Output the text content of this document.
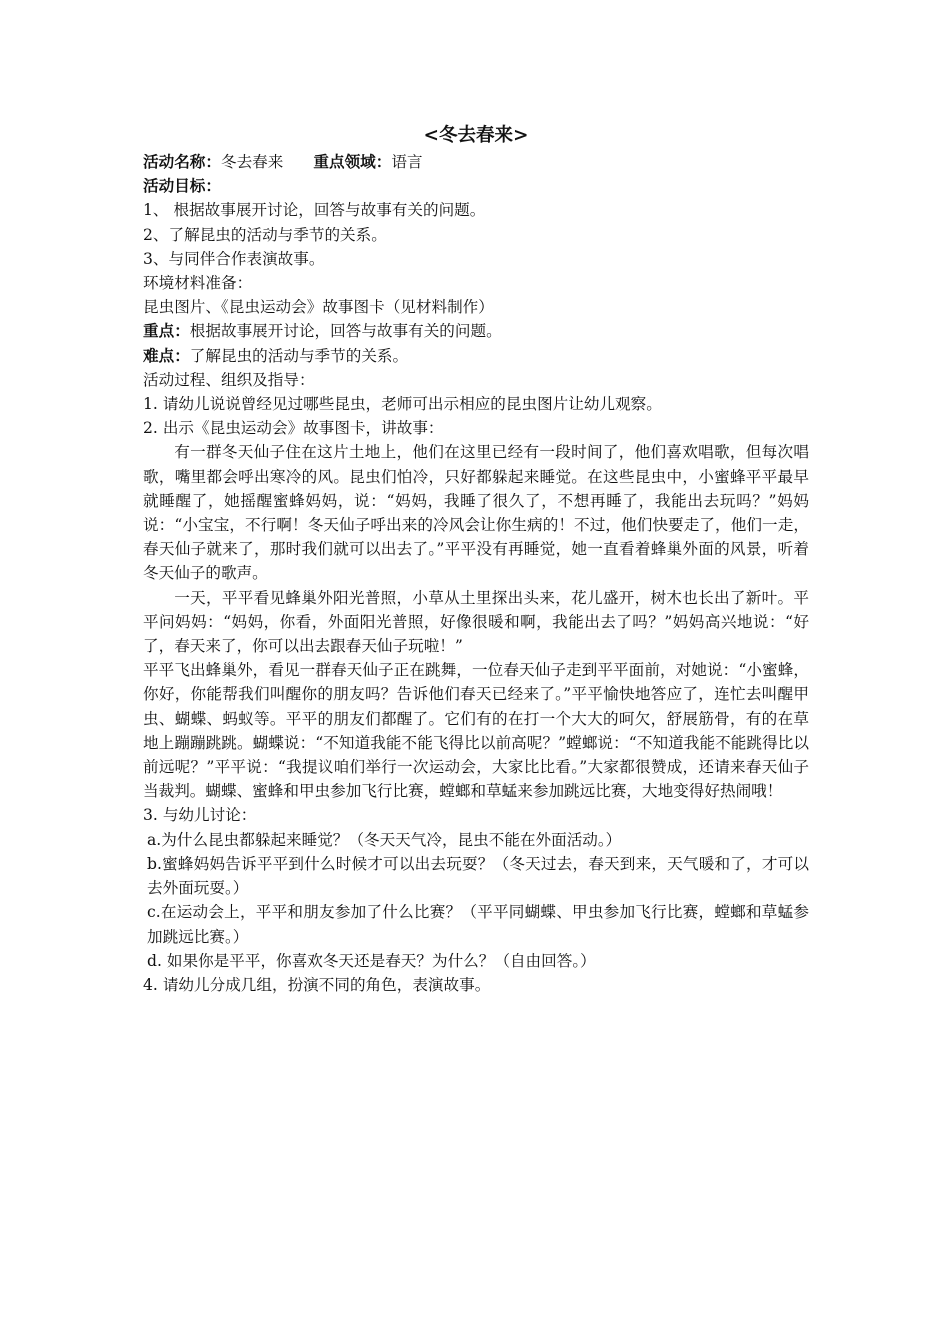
<冬去春来>
活动名称：冬去春来 重点领域：语言
活动目标：
1、 根据故事展开讨论，回答与故事有关的问题。
2、了解昆虫的活动与季节的关系。
3、与同伴合作表演故事。
环境材料准备：
昆虫图片、《昆虫运动会》故事图卡（见材料制作）
重点：根据故事展开讨论，回答与故事有关的问题。
难点：了解昆虫的活动与季节的关系。
活动过程、组织及指导：
1. 请幼儿说说曾经见过哪些昆虫，老师可出示相应的昆虫图片让幼儿观察。
2. 出示《昆虫运动会》故事图卡，讲故事：
有一群冬天仙子住在这片土地上，他们在这里已经有一段时间了，他们喜欢唱歌，但每次唱歌，嘴里都会呼出寒冷的风。昆虫们怕冷，只好都躲起来睡觉。在这些昆虫中，小蜜蜂平平最早就睡醒了，她摇醒蜜蜂妈妈，说：“妈妈，我睡了很久了，不想再睡了，我能出去玩吗？”妈妈说：“小宝宝，不行啊！冬天仙子呼出来的冷风会让你生病的！不过，他们快要走了，他们一走，春天仙子就来了，那时我们就可以出去了。”平平没有再睡觉，她一直看着蜂巢外面的风景，听着冬天仙子的歌声。
一天，平平看见蜂巢外阳光普照，小草从土里探出头来，花儿盛开，树木也长出了新叶。平平问妈妈：“妈妈，你看，外面阳光普照，好像很暖和啊，我能出去了吗？”妈妈高兴地说：“好了，春天来了，你可以出去跟春天仙子玩啦！”
平平飞出蜂巢外，看见一群春天仙子正在跳舞，一位春天仙子走到平平面前，对她说：“小蜜蜂，你好，你能帮我们叫醒你的朋友吗？告诉他们春天已经来了。”平平愉快地答应了，连忙去叫醒甲虫、蝴蝶、蚂蚁等。平平的朋友们都醒了。它们有的在打一个大大的呵欠，舒展筋骨，有的在草地上蹦蹦跳跳。蝴蝶说：“不知道我能不能飞得比以前高呢？”螳螂说：“不知道我能不能跳得比以前远呢？”平平说：“我提议咱们举行一次运动会，大家比比看。”大家都很赞成，还请来春天仙子当裁判。蝴蝶、蜜蜂和甲虫参加飞行比赛，螳螂和草蜢来参加跳远比赛，大地变得好热闹哦！
3. 与幼儿讨论：
a.为什么昆虫都躲起来睡觉？（冬天天气冷，昆虫不能在外面活动。）
b.蜜蜂妈妈告诉平平到什么时候才可以出去玩耍？（冬天过去，春天到来，天气暖和了，才可以去外面玩耍。）
c.在运动会上，平平和朋友参加了什么比赛？（平平同蝴蝶、甲虫参加飞行比赛，螳螂和草蜢参加跳远比赛。）
d. 如果你是平平，你喜欢冬天还是春天？为什么？（自由回答。）
4. 请幼儿分成几组，扮演不同的角色，表演故事。
